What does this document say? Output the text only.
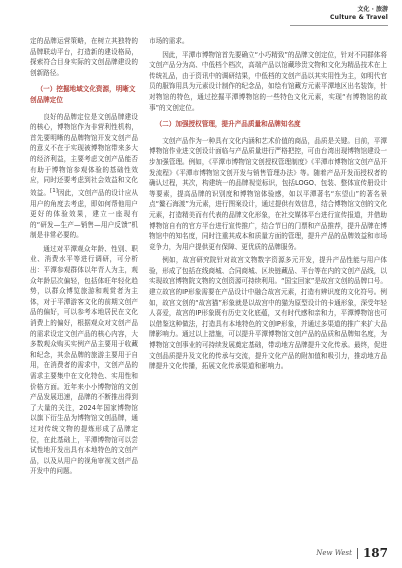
文化 · 旅游
Culture & Travel

定的品牌运营策略，在树立其独特的品牌联动平台，打造新的建设格局，探索符合目身实际的文创品牌建设的创新路径。

（一）挖掘地域文化资源，明晰文创品牌定位

良好的品牌定位是文创品牌建设的核心，博物馆作为非营利性机构，首先要明晰的品牌物馆开发文创产品的意义不在于实现被博物馆带来多大的经济利益，主要考虑文创产品能否有助于博物馆参观体验的基础性效应，同时还要考虑到社会效益和文化效益。[1]因此，文创产品的设计应从用户的角度去考虑，即如何帮他用户更好的体验效果，建立一座现有的“研发—生产—销售—用户反馈”机制是非常必要的。

通过对平潭观众年龄、性别、职业、消费水平等进行调研，可分析出：平潭参观群体以年青人为主，观众年龄层次偏轻，包括体旺年轻化趋势，以群众博览旅游和观赏者为主体，对于平潭游客文化的前期文创产品的偏好，可以参考本地居民在文化消费上的偏好，根据观众对文创产品的需求设定文创产品的核心内容，大多数观众购买实例产品主要用于收藏和纪念，其余品牌的旅游主要用于自用，在消费者的需求中，文创产品的需求主要集中在文化特色、实用性和价格方面。近年来小小博物馆的文创产品发展迅速，品牌的不断推出得到了大量的关注，2024年国家博物馆以旗下衍生品为博物馆文创品牌，通过对传统文物的提炼形成了品牌定位，在此基础上，平潭博物馆可以尝试性地开发出具有本地特色的文创产品，以及从用户的视角审视文创产品开发中的问题。

市场的需求。

因此，平潭市博物馆首先要确立“小巧精致”的品牌文创定位，针对不同群体将文创产品分为高、中低档个档次，高端产品以馆藏珍贵文物和文化为精品技术在上传统礼品，由于资讯中的调研结果，中低档的文创产品以其实用性为主，如明代官员的服饰用具为元素设计制作的纪念品，如绘有馆藏方元素平潭地区出名装饰，针对物馆的特色，通过挖掘平潭博物馆的一些特色文化元素，实现“有博物馆的故事”的文创定位。

（二）加强授权管理，提升产品质量和品牌知名度

文创产品作为一种具有文化内涵和艺术价值的商品，品质是关键。目前，平潭博物馆作业进文创设计面临与产品质量进行严格把控，可由台湾出现博物馆建设一步加强管理。例如，《平潭市博物馆文创授权管理制度》《平潭市博物馆文创产品开发流程》《平潭市博物馆文创开发与销售管理办法》等。随着产品开发而授权者的确认过程，其次，构建统一的品牌视觉标识，包括LOGO、包装、整体宣传册设计等要素，提高品牌的识别度和博物馆体验感，如以平潭著名“东望山”的著名景点“鳌石海渡”为元素，进行图案设计，通过提供有效信息，结合博物馆文创的文化元素，打造精美而有代表的品牌文化形象，在社交媒体平台进行宣传报道，并借助博物馆自有的官方平台进行宣传推广，结合节日的门票和产品推荐，提升品牌在博物馆中的知名度，同时注重其成本和质量方面的管理，提升产品的品牌效益和市场竞争力，为用户提供更有保障、更优质的品牌服务。

例如，故宫研究院针对故宫文物数字资源多元开发，提升产品性能与用户体验，形成了包括在线商城、合同商城、区块链藏品、平台等在内的文创产品线，以实现故宫博物院文物的文创资源可持续利用。“国宝回家”是故宫文创的品牌口号。建立故宫的IP形象需要在产品设计中融合故宫元素，打造有辨识度的文化符号。例如，故宫文创的“故宫猫”形象就是以故宫中的猫为原型设计的卡通形象，深受年轻人喜爱，故宫的IP形象既有历史文化底蕴，又有时代感和亲和力，平潭博物馆也可以借鉴这种做法，打造具有本地特色的文创IP形象，并通过多渠道的推广来扩大品牌影响力。通过以上措施，可以提升平潭博物馆文创产品的品质和品牌知名度，为博物馆文创事业的可持续发展奠定基础，带动地方品牌提升文化传承。最终，促进文创品质提升及文化的传承与交流，提升文化产品的附加值和吸引力，推动地方品牌提升文化传播，拓展文化传承渠道和影响力。

New West 187
